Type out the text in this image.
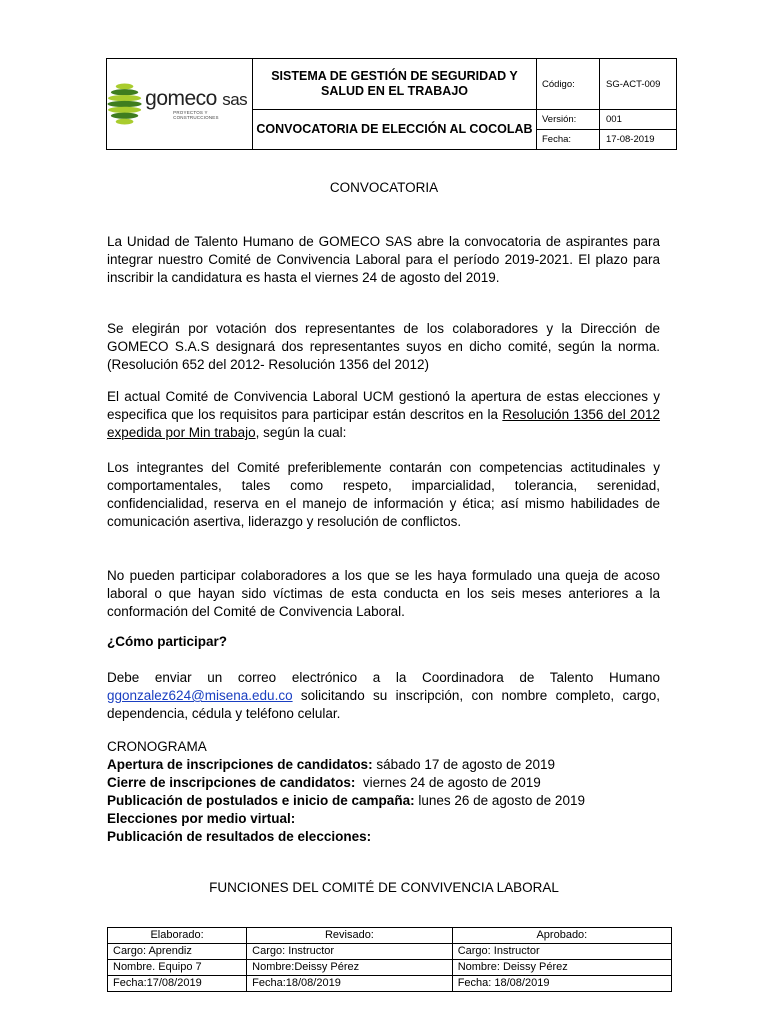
gomeco sas
PROYECTOS Y CONSTRUCCIONES	SISTEMA DE GESTIÓN DE SEGURIDAD Y SALUD EN EL TRABAJO	Código:	SG-ACT-009
	CONVOCATORIA DE ELECCIÓN AL COCOLAB	Versión:	001
		Fecha:	17-08-2019
CONVOCATORIA
La Unidad de Talento Humano de GOMECO SAS abre la convocatoria de aspirantes para integrar nuestro Comité de Convivencia Laboral para el período 2019-2021. El plazo para inscribir la candidatura es hasta el viernes 24 de agosto del 2019.
Se elegirán por votación dos representantes de los colaboradores y la Dirección de GOMECO S.A.S designará dos representantes suyos en dicho comité, según la norma. (Resolución 652 del 2012- Resolución 1356 del 2012)
El actual Comité de Convivencia Laboral UCM gestionó la apertura de estas elecciones y especifica que los requisitos para participar están descritos en la Resolución 1356 del 2012 expedida por Min trabajo, según la cual:
Los integrantes del Comité preferiblemente contarán con competencias actitudinales y comportamentales, tales como respeto, imparcialidad, tolerancia, serenidad, confidencialidad, reserva en el manejo de información y ética; así mismo habilidades de comunicación asertiva, liderazgo y resolución de conflictos.
No pueden participar colaboradores a los que se les haya formulado una queja de acoso laboral o que hayan sido víctimas de esta conducta en los seis meses anteriores a la conformación del Comité de Convivencia Laboral.
¿Cómo participar?
Debe enviar un correo electrónico a la Coordinadora de Talento Humano ggonzalez624@misena.edu.co solicitando su inscripción, con nombre completo, cargo, dependencia, cédula y teléfono celular.
CRONOGRAMA
Apertura de inscripciones de candidatos: sábado 17 de agosto de 2019
Cierre de inscripciones de candidatos:  viernes 24 de agosto de 2019
Publicación de postulados e inicio de campaña: lunes 26 de agosto de 2019
Elecciones por medio virtual:
Publicación de resultados de elecciones:
FUNCIONES DEL COMITÉ DE CONVIVENCIA LABORAL
Elaborado:	Revisado:	Aprobado:
Cargo: Aprendiz	Cargo: Instructor	Cargo: Instructor
Nombre. Equipo 7	Nombre:Deissy Pérez	Nombre: Deissy Pérez
Fecha:17/08/2019	Fecha:18/08/2019	Fecha: 18/08/2019
